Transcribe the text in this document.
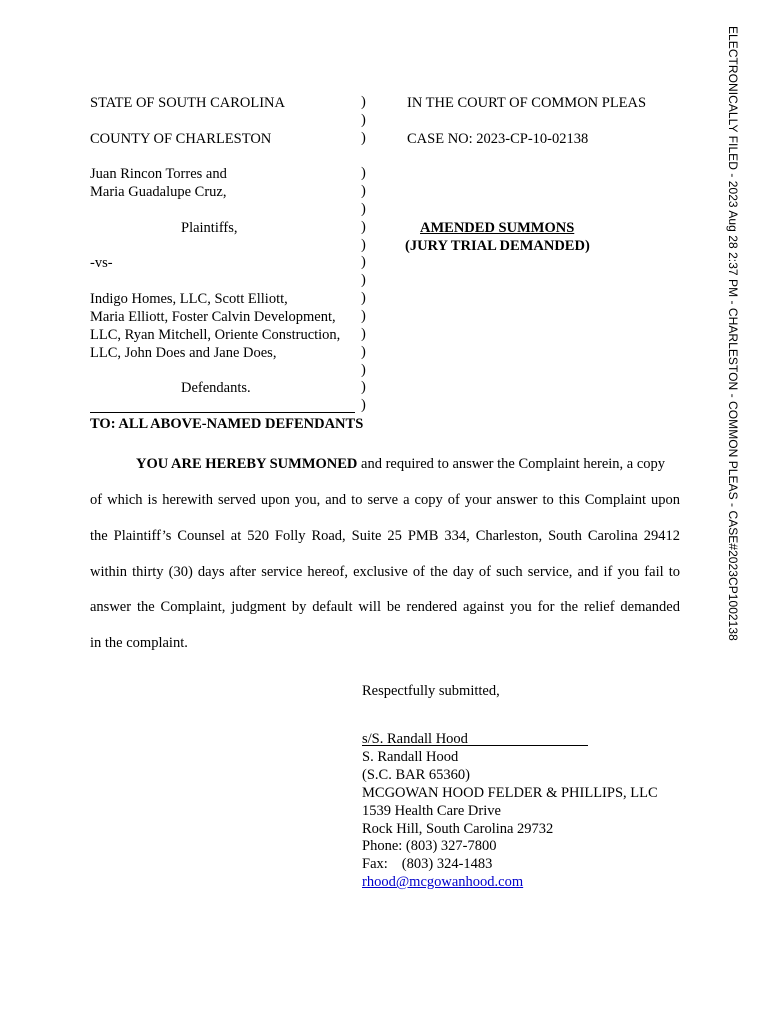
ELECTRONICALLY FILED - 2023 Aug 28 2:37 PM - CHARLESTON - COMMON PLEAS - CASE#2023CP1002138
STATE OF SOUTH CAROLINA
COUNTY OF CHARLESTON
Juan Rincon Torres and
Maria Guadalupe Cruz,
Plaintiffs,
-vs-
Indigo Homes, LLC, Scott Elliott,
Maria Elliott, Foster Calvin Development,
LLC, Ryan Mitchell, Oriente Construction,
LLC, John Does and Jane Does,
Defendants.
)
)
)
)
)
)
)
)
)
)
)
)
)
)
)
)
)
IN THE COURT OF COMMON PLEAS
CASE NO: 2023-CP-10-02138
AMENDED SUMMONS
(JURY TRIAL DEMANDED)
TO: ALL ABOVE-NAMED DEFENDANTS
YOU ARE HEREBY SUMMONED and required to answer the Complaint herein, a copy
of which is herewith served upon you, and to serve a copy of your answer to this Complaint upon
the Plaintiff’s Counsel at 520 Folly Road, Suite 25 PMB 334, Charleston, South Carolina 29412
within thirty (30) days after service hereof, exclusive of the day of such service, and if you fail to
answer the Complaint, judgment by default will be rendered against you for the relief demanded
in the complaint.
Respectfully submitted,
s/S. Randall Hood
S. Randall Hood
(S.C. BAR 65360)
MCGOWAN HOOD FELDER & PHILLIPS, LLC
1539 Health Care Drive
Rock Hill, South Carolina 29732
Phone: (803) 327-7800
Fax: (803) 324-1483
rhood@mcgowanhood.com
